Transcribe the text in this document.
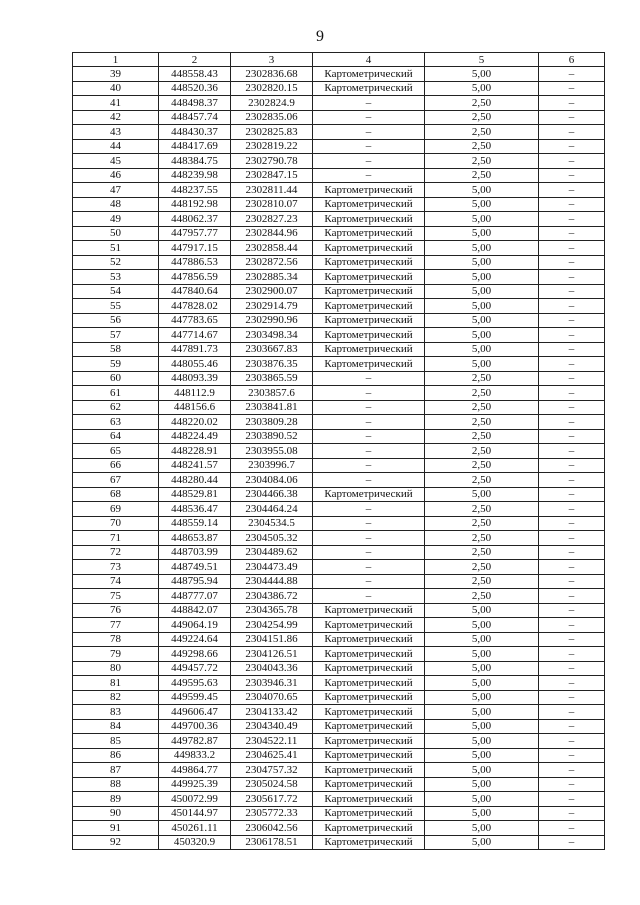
9
1	2	3	4	5	6
39	448558.43	2302836.68	Картометрический	5,00	–
40	448520.36	2302820.15	Картометрический	5,00	–
41	448498.37	2302824.9	–	2,50	–
42	448457.74	2302835.06	–	2,50	–
43	448430.37	2302825.83	–	2,50	–
44	448417.69	2302819.22	–	2,50	–
45	448384.75	2302790.78	–	2,50	–
46	448239.98	2302847.15	–	2,50	–
47	448237.55	2302811.44	Картометрический	5,00	–
48	448192.98	2302810.07	Картометрический	5,00	–
49	448062.37	2302827.23	Картометрический	5,00	–
50	447957.77	2302844.96	Картометрический	5,00	–
51	447917.15	2302858.44	Картометрический	5,00	–
52	447886.53	2302872.56	Картометрический	5,00	–
53	447856.59	2302885.34	Картометрический	5,00	–
54	447840.64	2302900.07	Картометрический	5,00	–
55	447828.02	2302914.79	Картометрический	5,00	–
56	447783.65	2302990.96	Картометрический	5,00	–
57	447714.67	2303498.34	Картометрический	5,00	–
58	447891.73	2303667.83	Картометрический	5,00	–
59	448055.46	2303876.35	Картометрический	5,00	–
60	448093.39	2303865.59	–	2,50	–
61	448112.9	2303857.6	–	2,50	–
62	448156.6	2303841.81	–	2,50	–
63	448220.02	2303809.28	–	2,50	–
64	448224.49	2303890.52	–	2,50	–
65	448228.91	2303955.08	–	2,50	–
66	448241.57	2303996.7	–	2,50	–
67	448280.44	2304084.06	–	2,50	–
68	448529.81	2304466.38	Картометрический	5,00	–
69	448536.47	2304464.24	–	2,50	–
70	448559.14	2304534.5	–	2,50	–
71	448653.87	2304505.32	–	2,50	–
72	448703.99	2304489.62	–	2,50	–
73	448749.51	2304473.49	–	2,50	–
74	448795.94	2304444.88	–	2,50	–
75	448777.07	2304386.72	–	2,50	–
76	448842.07	2304365.78	Картометрический	5,00	–
77	449064.19	2304254.99	Картометрический	5,00	–
78	449224.64	2304151.86	Картометрический	5,00	–
79	449298.66	2304126.51	Картометрический	5,00	–
80	449457.72	2304043.36	Картометрический	5,00	–
81	449595.63	2303946.31	Картометрический	5,00	–
82	449599.45	2304070.65	Картометрический	5,00	–
83	449606.47	2304133.42	Картометрический	5,00	–
84	449700.36	2304340.49	Картометрический	5,00	–
85	449782.87	2304522.11	Картометрический	5,00	–
86	449833.2	2304625.41	Картометрический	5,00	–
87	449864.77	2304757.32	Картометрический	5,00	–
88	449925.39	2305024.58	Картометрический	5,00	–
89	450072.99	2305617.72	Картометрический	5,00	–
90	450144.97	2305772.33	Картометрический	5,00	–
91	450261.11	2306042.56	Картометрический	5,00	–
92	450320.9	2306178.51	Картометрический	5,00	–
